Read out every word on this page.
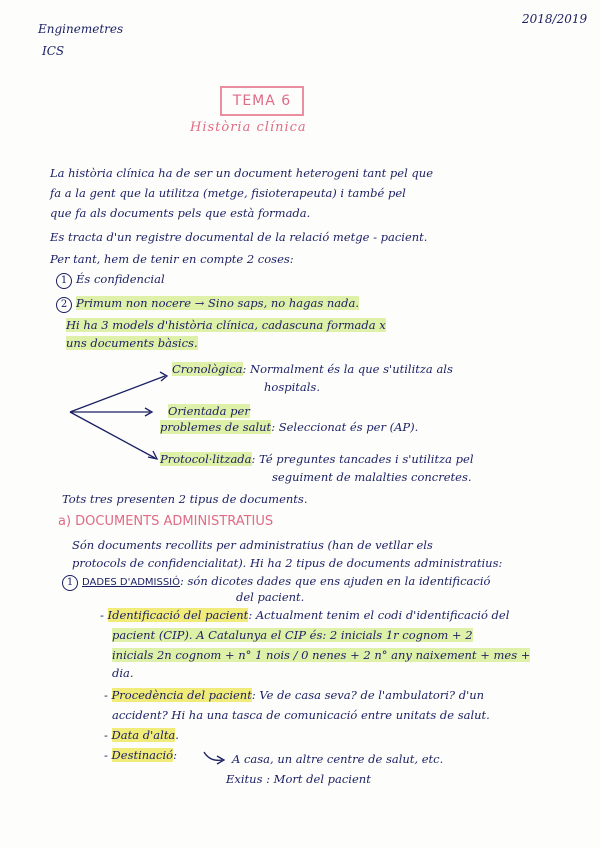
Enginemetres
ICS
2018/2019
TEMA 6
Història clínica
La història clínica ha de ser un document heterogeni tant pel que
fa a la gent que la utilitza (metge, fisioterapeuta) i també pel
que fa als documents pels que està formada.
Es tracta d'un registre documental de la relació metge - pacient.
Per tant, hem de tenir en compte 2 coses:
1 És confidencial
2 Primum non nocere → Sino saps, no hagas nada.
Hi ha 3 models d'història clínica, cadascuna formada x
uns documents bàsics.
Cronològica: Normalment és la que s'utilitza als
hospitals.
Orientada per
problemes de salut: Seleccionat és per (AP).
Protocol·litzada: Té preguntes tancades i s'utilitza pel
seguiment de malalties concretes.
Tots tres presenten 2 tipus de documents.
a) DOCUMENTS ADMINISTRATIUS
Són documents recollits per administratius (han de vetllar els
protocols de confidencialitat). Hi ha 2 tipus de documents administratius:
1 DADES D'ADMISSIÓ: són dicotes dades que ens ajuden en la identificació
del pacient.
- Identificació del pacient: Actualment tenim el codi d'identificació del
pacient (CIP). A Catalunya el CIP és: 2 inicials 1r cognom + 2
inicials 2n cognom + n° 1 nois / 0 nenes + 2 n° any naixement + mes +
dia.
- Procedència del pacient: Ve de casa seva? de l'ambulatori? d'un
accident? Hi ha una tasca de comunicació entre unitats de salut.
- Data d'alta.
- Destinació:	A casa, un altre centre de salut, etc.
Exitus : Mort del pacient
